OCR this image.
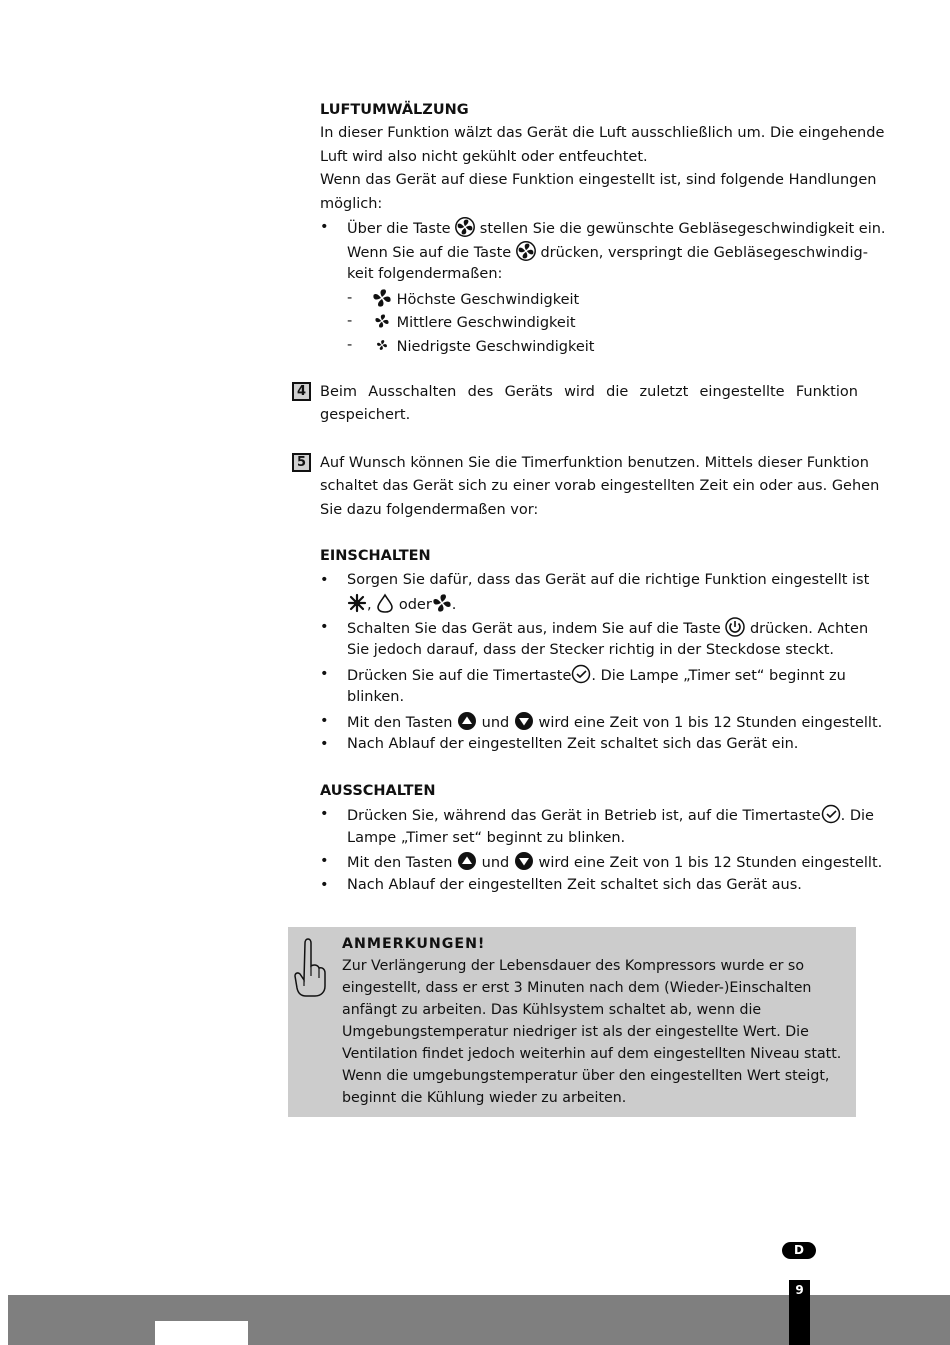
LUFTUMWÄLZUNG
In dieser Funktion wälzt das Gerät die Luft ausschließlich um. Die eingehende
Luft wird also nicht gekühlt oder entfeuchtet.
Wenn das Gerät auf diese Funktion eingestellt ist, sind folgende Handlungen
möglich:
• Über die Taste stellen Sie die gewünschte Gebläsegeschwindigkeit ein.
Wenn Sie auf die Taste drücken, verspringt die Gebläsegeschwindig-
keit folgendermaßen:
-	Höchste Geschwindigkeit
-	Mittlere Geschwindigkeit
-	Niedrigste Geschwindigkeit
4 Beim Ausschalten des Geräts wird die zuletzt eingestellte Funktion
gespeichert.
5 Auf Wunsch können Sie die Timerfunktion benutzen. Mittels dieser Funktion
schaltet das Gerät sich zu einer vorab eingestellten Zeit ein oder aus. Gehen
Sie dazu folgendermaßen vor:
EINSCHALTEN
• Sorgen Sie dafür, dass das Gerät auf die richtige Funktion eingestellt ist
, oder .
• Schalten Sie das Gerät aus, indem Sie auf die Taste drücken. Achten
Sie jedoch darauf, dass der Stecker richtig in der Steckdose steckt.
• Drücken Sie auf die Timertaste . Die Lampe „Timer set“ beginnt zu
blinken.
• Mit den Tasten und wird eine Zeit von 1 bis 12 Stunden eingestellt.
• Nach Ablauf der eingestellten Zeit schaltet sich das Gerät ein.
AUSSCHALTEN
• Drücken Sie, während das Gerät in Betrieb ist, auf die Timertaste . Die
Lampe „Timer set“ beginnt zu blinken.
• Mit den Tasten und wird eine Zeit von 1 bis 12 Stunden eingestellt.
• Nach Ablauf der eingestellten Zeit schaltet sich das Gerät aus.
ANMERKUNGEN!
Zur Verlängerung der Lebensdauer des Kompressors wurde er so
eingestellt, dass er erst 3 Minuten nach dem (Wieder-)Einschalten
anfängt zu arbeiten. Das Kühlsystem schaltet ab, wenn die
Umgebungstemperatur niedriger ist als der eingestellte Wert. Die
Ventilation findet jedoch weiterhin auf dem eingestellten Niveau statt.
Wenn die umgebungstemperatur über den eingestellten Wert steigt,
beginnt die Kühlung wieder zu arbeiten.
D
9
